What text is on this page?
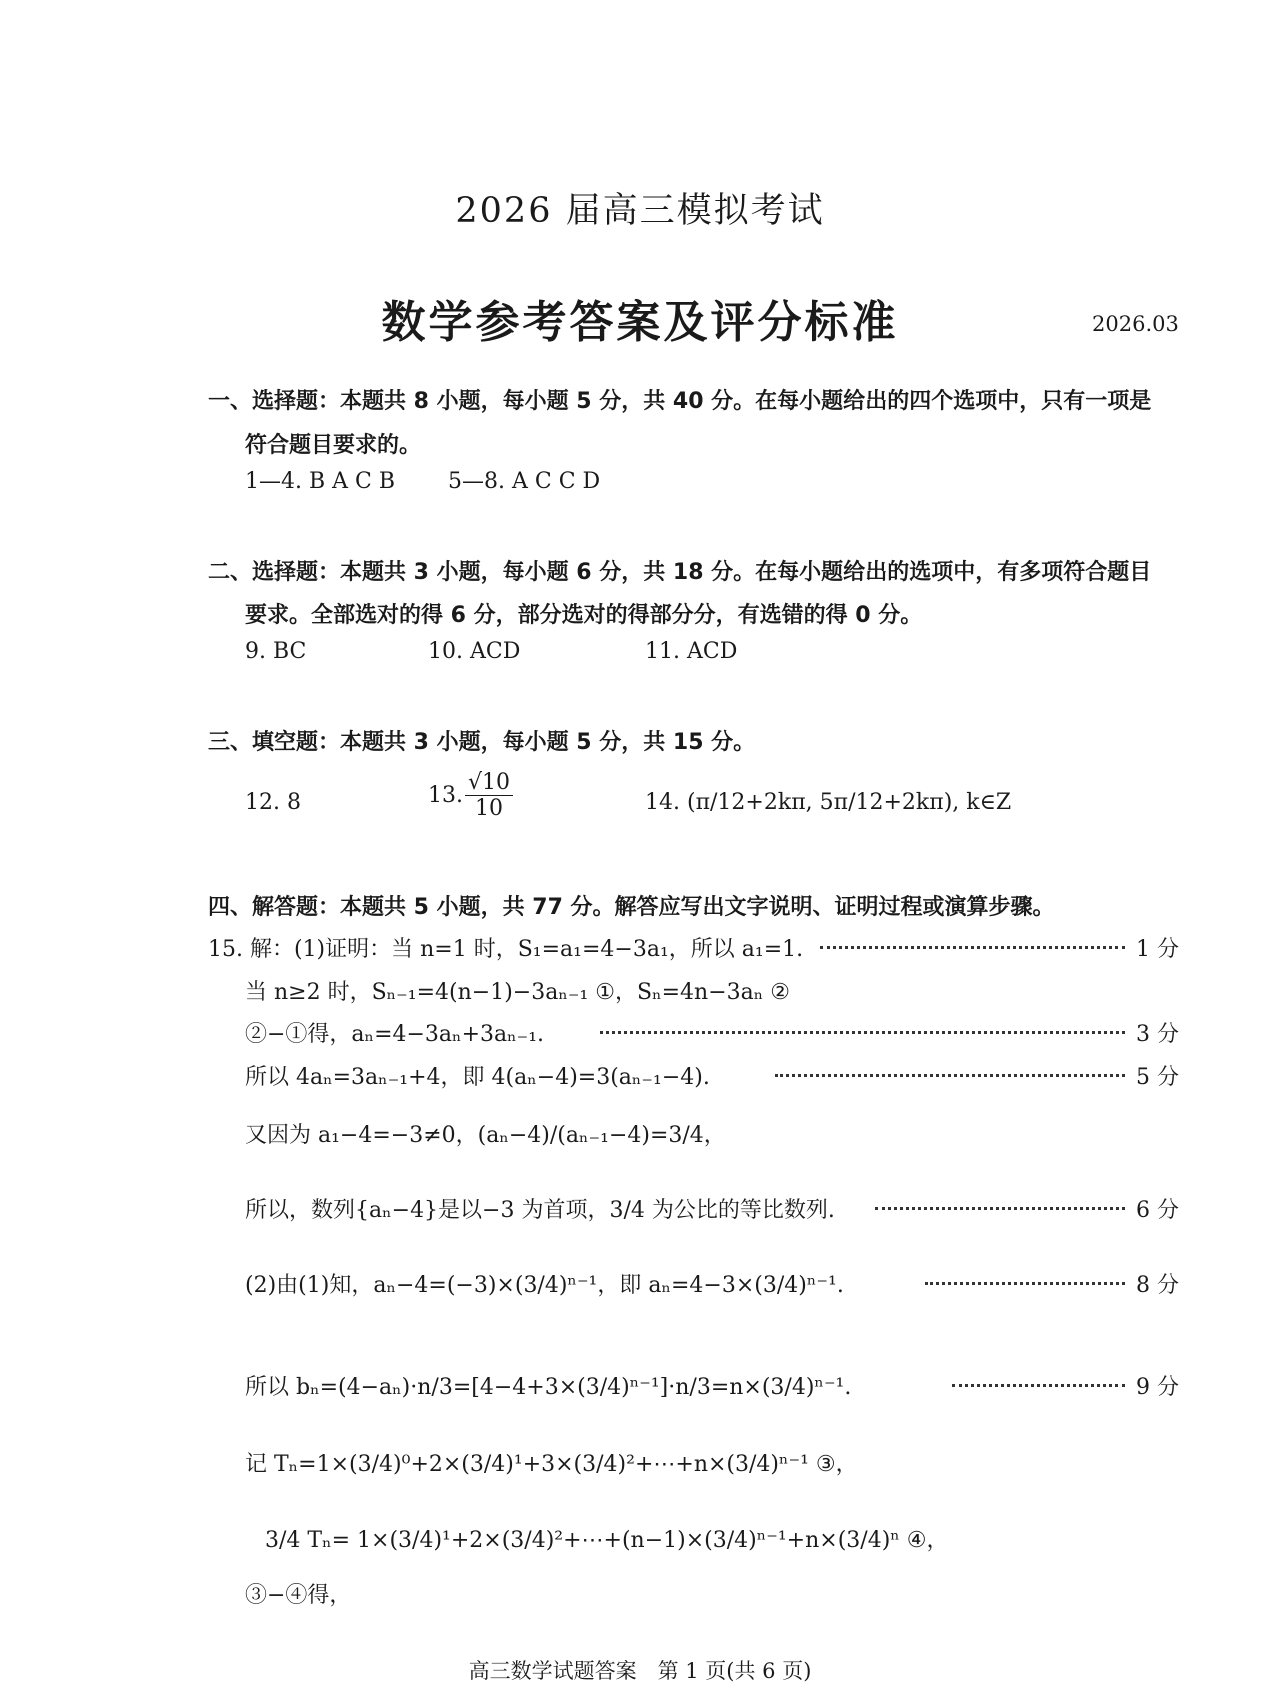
2026 届高三模拟考试
数学参考答案及评分标准	2026.03
一、选择题：本题共 8 小题，每小题 5 分，共 40 分。在每小题给出的四个选项中，只有一项是
符合题目要求的。
1—4. B A C B 5—8. A C C D
二、选择题：本题共 3 小题，每小题 6 分，共 18 分。在每小题给出的选项中，有多项符合题目
要求。全部选对的得 6 分，部分选对的得部分分，有选错的得 0 分。
9. BC	10. ACD	11. ACD
三、填空题：本题共 3 小题，每小题 5 分，共 15 分。
12. 8	13. $\frac{√10}{10}$	14. (π/12+2kπ, 5π/12+2kπ), k∈Z
四、解答题：本题共 5 小题，共 77 分。解答应写出文字说明、证明过程或演算步骤。
15. 解：(1)证明：当 n=1 时，S₁=a₁=4−3a₁，所以 a₁=1.	1 分
当 n≥2 时，Sₙ₋₁=4(n−1)−3aₙ₋₁ ①，Sₙ=4n−3aₙ ②
②−①得，aₙ=4−3aₙ+3aₙ₋₁.	3 分
所以 4aₙ=3aₙ₋₁+4，即 4(aₙ−4)=3(aₙ₋₁−4).	5 分
又因为 a₁−4=−3≠0，(aₙ−4)/(aₙ₋₁−4)=3/4，
所以，数列{aₙ−4}是以−3 为首项，3/4 为公比的等比数列.	6 分
(2)由(1)知，aₙ−4=(−3)×(3/4)ⁿ⁻¹，即 aₙ=4−3×(3/4)ⁿ⁻¹.	8 分
所以 bₙ=(4−aₙ)·n/3=[4−4+3×(3/4)ⁿ⁻¹]·n/3=n×(3/4)ⁿ⁻¹.	9 分
记 Tₙ=1×(3/4)⁰+2×(3/4)¹+3×(3/4)²+⋯+n×(3/4)ⁿ⁻¹ ③，
3/4 Tₙ= 1×(3/4)¹+2×(3/4)²+⋯+(n−1)×(3/4)ⁿ⁻¹+n×(3/4)ⁿ ④，
③−④得，
高三数学试题答案　第 1 页(共 6 页)
